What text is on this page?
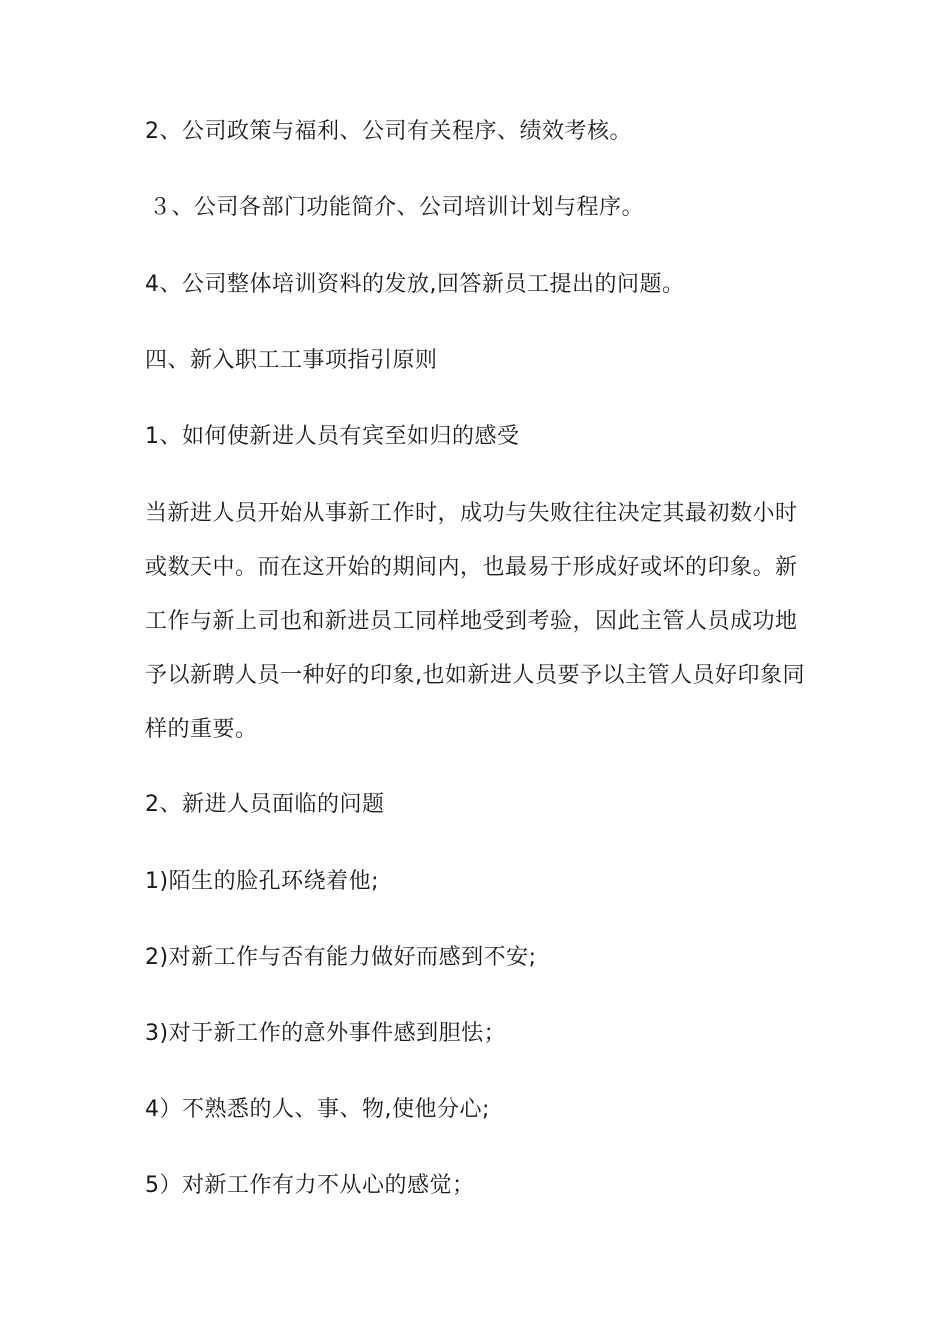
2、公司政策与福利、公司有关程序、绩效考核。
３、公司各部门功能简介、公司培训计划与程序。
4、公司整体培训资料的发放,回答新员工提出的问题。
四、新入职工工事项指引原则
1、如何使新进人员有宾至如归的感受
当新进人员开始从事新工作时，成功与失败往往决定其最初数小时
或数天中。而在这开始的期间内，也最易于形成好或坏的印象。新
工作与新上司也和新进员工同样地受到考验，因此主管人员成功地
予以新聘人员一种好的印象,也如新进人员要予以主管人员好印象同
样的重要。
2、新进人员面临的问题
1)陌生的脸孔环绕着他;
2)对新工作与否有能力做好而感到不安;
3)对于新工作的意外事件感到胆怯；
4）不熟悉的人、事、物,使他分心;
5）对新工作有力不从心的感觉；
